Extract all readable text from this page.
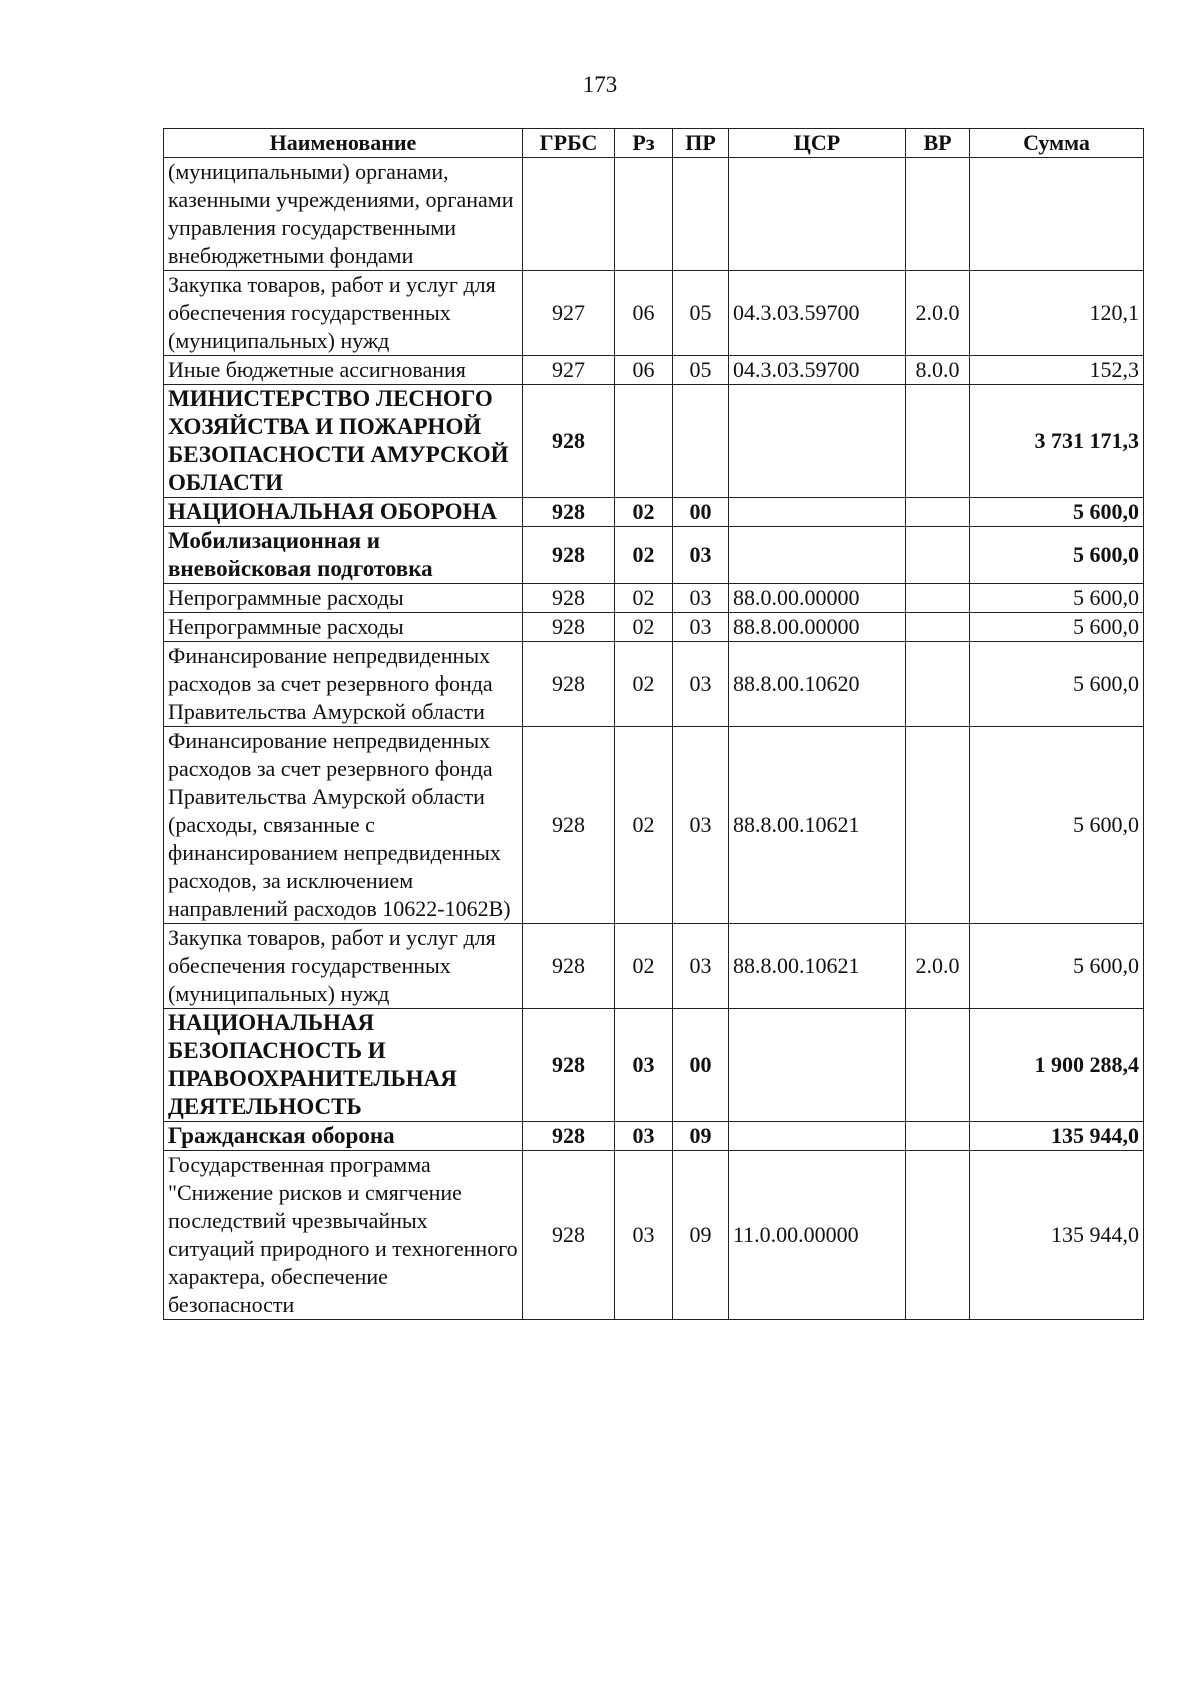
173
Наименование	ГРБС	Рз	ПР	ЦСР	ВР	Сумма
(муниципальными) органами, казенными учреждениями, органами управления государственными внебюджетными фондами						
Закупка товаров, работ и услуг для обеспечения государственных (муниципальных) нужд	927	06	05	04.3.03.59700	2.0.0	120,1
Иные бюджетные ассигнования	927	06	05	04.3.03.59700	8.0.0	152,3
МИНИСТЕРСТВО ЛЕСНОГО ХОЗЯЙСТВА И ПОЖАРНОЙ БЕЗОПАСНОСТИ АМУРСКОЙ ОБЛАСТИ	928					3 731 171,3
НАЦИОНАЛЬНАЯ ОБОРОНА	928	02	00			5 600,0
Мобилизационная и вневойсковая подготовка	928	02	03			5 600,0
Непрограммные расходы	928	02	03	88.0.00.00000		5 600,0
Непрограммные расходы	928	02	03	88.8.00.00000		5 600,0
Финансирование непредвиденных расходов за счет резервного фонда Правительства Амурской области	928	02	03	88.8.00.10620		5 600,0
Финансирование непредвиденных расходов за счет резервного фонда Правительства Амурской области (расходы, связанные с финансированием непредвиденных расходов, за исключением направлений расходов 10622-1062В)	928	02	03	88.8.00.10621		5 600,0
Закупка товаров, работ и услуг для обеспечения государственных (муниципальных) нужд	928	02	03	88.8.00.10621	2.0.0	5 600,0
НАЦИОНАЛЬНАЯ БЕЗОПАСНОСТЬ И ПРАВООХРАНИТЕЛЬНАЯ ДЕЯТЕЛЬНОСТЬ	928	03	00			1 900 288,4
Гражданская оборона	928	03	09			135 944,0
Государственная программа "Снижение рисков и смягчение последствий чрезвычайных ситуаций природного и техногенного характера, обеспечение безопасности	928	03	09	11.0.00.00000		135 944,0
